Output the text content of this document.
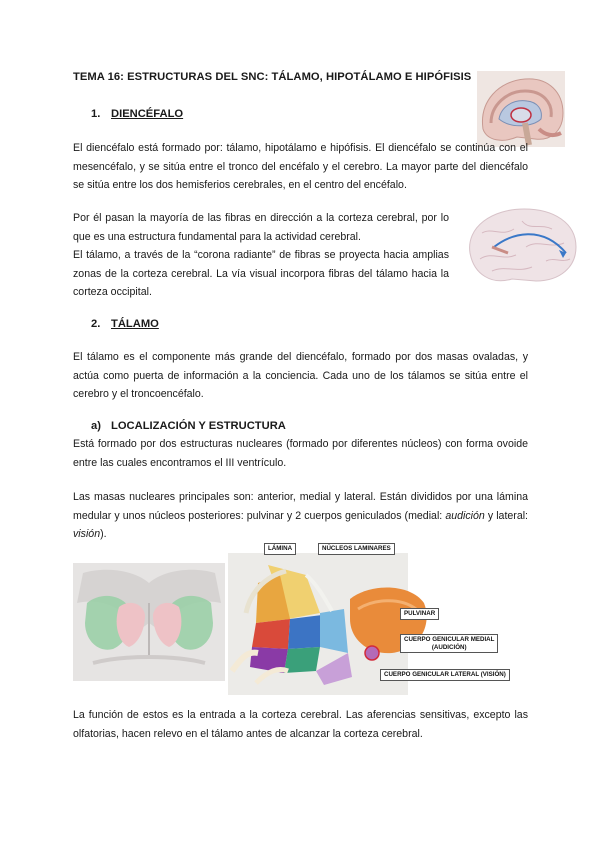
TEMA 16: ESTRUCTURAS DEL SNC: TÁLAMO, HIPOTÁLAMO E HIPÓFISIS
1. DIENCÉFALO
El diencéfalo está formado por: tálamo, hipotálamo e hipófisis. El diencéfalo se continúa con el mesencéfalo, y se sitúa entre el tronco del encéfalo y el cerebro. La mayor parte del diencéfalo se sitúa entre los dos hemisferios cerebrales, en el centro del encéfalo.
Por él pasan la mayoría de las fibras en dirección a la corteza cerebral, por lo que es una estructura fundamental para la actividad cerebral.
El tálamo, a través de la “corona radiante” de fibras se proyecta hacia amplias zonas de la corteza cerebral. La vía visual incorpora fibras del tálamo hacia la corteza occipital.
2. TÁLAMO
El tálamo es el componente más grande del diencéfalo, formado por dos masas ovaladas, y actúa como puerta de información a la conciencia. Cada uno de los tálamos se sitúa entre el cerebro y el troncoencéfalo.
a) LOCALIZACIÓN Y ESTRUCTURA
Está formado por dos estructuras nucleares (formado por diferentes núcleos) con forma ovoide entre las cuales encontramos el III ventrículo.
Las masas nucleares principales son: anterior, medial y lateral. Están divididos por una lámina medular y unos núcleos posteriores: pulvinar y 2 cuerpos geniculados (medial: audición y lateral: visión).
LÁMINA	NÚCLEOS LAMINARES
PULVINAR
CUERPO GENICULAR MEDIAL
(AUDICIÓN)
CUERPO GENICULAR LATERAL (VISIÓN)
La función de estos es la entrada a la corteza cerebral. Las aferencias sensitivas, excepto las olfatorias, hacen relevo en el tálamo antes de alcanzar la corteza cerebral.
